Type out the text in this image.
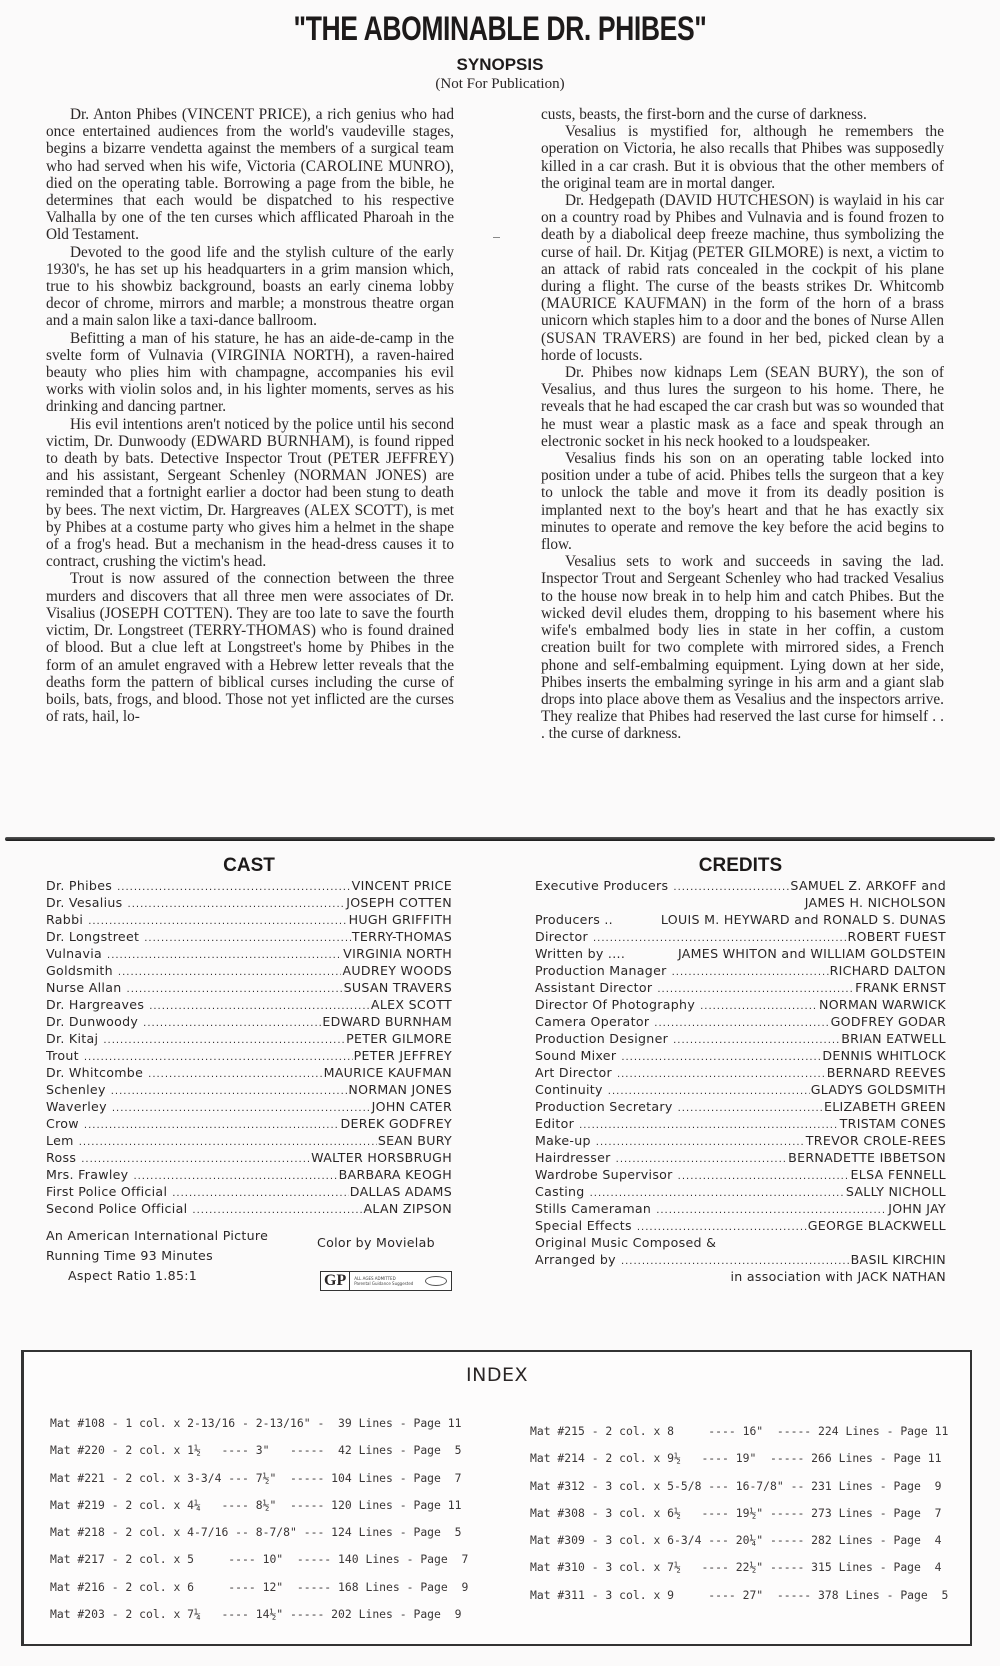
"THE ABOMINABLE DR. PHIBES"
SYNOPSIS
(Not For Publication)

Dr. Anton Phibes (VINCENT PRICE), a rich genius who had once entertained audiences from the world's vaudeville stages, begins a bizarre vendetta against the members of a surgical team who had served when his wife, Victoria (CAROLINE MUNRO), died on the operating table. Borrowing a page from the bible, he determines that each would be dispatched to his respective Valhalla by one of the ten curses which afflicated Pharoah in the Old Testament.

Devoted to the good life and the stylish culture of the early 1930's, he has set up his headquarters in a grim mansion which, true to his showbiz background, boasts an early cinema lobby decor of chrome, mirrors and marble; a monstrous theatre organ and a main salon like a taxi-dance ballroom.

Befitting a man of his stature, he has an aide-de-camp in the svelte form of Vulnavia (VIRGINIA NORTH), a raven-haired beauty who plies him with champagne, accompanies his evil works with violin solos and, in his lighter moments, serves as his drinking and dancing partner.

His evil intentions aren't noticed by the police until his second victim, Dr. Dunwoody (EDWARD BURNHAM), is found ripped to death by bats. Detective Inspector Trout (PETER JEFFREY) and his assistant, Sergeant Schenley (NORMAN JONES) are reminded that a fortnight earlier a doctor had been stung to death by bees. The next victim, Dr. Hargreaves (ALEX SCOTT), is met by Phibes at a costume party who gives him a helmet in the shape of a frog's head. But a mechanism in the head-dress causes it to contract, crushing the victim's head.

Trout is now assured of the connection between the three murders and discovers that all three men were associates of Dr. Visalius (JOSEPH COTTEN). They are too late to save the fourth victim, Dr. Longstreet (TERRY-THOMAS) who is found drained of blood. But a clue left at Longstreet's home by Phibes in the form of an amulet engraved with a Hebrew letter reveals that the deaths form the pattern of biblical curses including the curse of boils, bats, frogs, and blood. Those not yet inflicted are the curses of rats, hail, lo-

custs, beasts, the first-born and the curse of darkness.

Vesalius is mystified for, although he remembers the operation on Victoria, he also recalls that Phibes was supposedly killed in a car crash. But it is obvious that the other members of the original team are in mortal danger.

Dr. Hedgepath (DAVID HUTCHESON) is waylaid in his car on a country road by Phibes and Vulnavia and is found frozen to death by a diabolical deep freeze machine, thus symbolizing the curse of hail. Dr. Kitjag (PETER GILMORE) is next, a victim to an attack of rabid rats concealed in the cockpit of his plane during a flight. The curse of the beasts strikes Dr. Whitcomb (MAURICE KAUFMAN) in the form of the horn of a brass unicorn which staples him to a door and the bones of Nurse Allen (SUSAN TRAVERS) are found in her bed, picked clean by a horde of locusts.

Dr. Phibes now kidnaps Lem (SEAN BURY), the son of Vesalius, and thus lures the surgeon to his home. There, he reveals that he had escaped the car crash but was so wounded that he must wear a plastic mask as a face and speak through an electronic socket in his neck hooked to a loudspeaker.

Vesalius finds his son on an operating table locked into position under a tube of acid. Phibes tells the surgeon that a key to unlock the table and move it from its deadly position is implanted next to the boy's heart and that he has exactly six minutes to operate and remove the key before the acid begins to flow.

Vesalius sets to work and succeeds in saving the lad. Inspector Trout and Sergeant Schenley who had tracked Vesalius to the house now break in to help him and catch Phibes. But the wicked devil eludes them, dropping to his basement where his wife's embalmed body lies in state in her coffin, a custom creation built for two complete with mirrored sides, a French phone and self-embalming equipment. Lying down at her side, Phibes inserts the embalming syringe in his arm and a giant slab drops into place above them as Vesalius and the inspectors arrive. They realize that Phibes had reserved the last curse for himself . . . the curse of darkness.

CAST
Dr. Phibes .....	VINCENT PRICE
Dr. Vesalius .....	JOSEPH COTTEN
Rabbi .....	HUGH GRIFFITH
Dr. Longstreet .....	TERRY-THOMAS
Vulnavia .....	VIRGINIA NORTH
Goldsmith .....	AUDREY WOODS
Nurse Allan .....	SUSAN TRAVERS
Dr. Hargreaves .....	ALEX SCOTT
Dr. Dunwoody .....	EDWARD BURNHAM
Dr. Kitaj .....	PETER GILMORE
Trout .....	PETER JEFFREY
Dr. Whitcombe .....	MAURICE KAUFMAN
Schenley .....	NORMAN JONES
Waverley .....	JOHN CATER
Crow .....	DEREK GODFREY
Lem .....	SEAN BURY
Ross .....	WALTER HORSBRUGH
Mrs. Frawley .....	BARBARA KEOGH
First Police Official .....	DALLAS ADAMS
Second Police Official .....	ALAN ZIPSON
CREDITS
Executive Producers .....	SAMUEL Z. ARKOFF and
JAMES H. NICHOLSON
Producers ..	LOUIS M. HEYWARD and RONALD S. DUNAS
Director .....	ROBERT FUEST
Written by ....	JAMES WHITON and WILLIAM GOLDSTEIN
Production Manager .....	RICHARD DALTON
Assistant Director .....	FRANK ERNST
Director Of Photography .....	NORMAN WARWICK
Camera Operator .....	GODFREY GODAR
Production Designer .....	BRIAN EATWELL
Sound Mixer .....	DENNIS WHITLOCK
Art Director .....	BERNARD REEVES
Continuity .....	GLADYS GOLDSMITH
Production Secretary .....	ELIZABETH GREEN
Editor .....	TRISTAM CONES
Make-up .....	TREVOR CROLE-REES
Hairdresser .....	BERNADETTE IBBETSON
Wardrobe Supervisor .....	ELSA FENNELL
Casting .....	SALLY NICHOLL
Stills Cameraman .....	JOHN JAY
Special Effects .....	GEORGE BLACKWELL
Original Music Composed &
Arranged by .....	BASIL KIRCHIN
in association with JACK NATHAN
An American International Picture
Running Time 93 Minutes
Aspect Ratio 1.85:1
Color by Movielab
GP	ALL AGES ADMITTED
Parental Guidance Suggested
INDEX
Mat #108 - 1 col. x 2-13/16 - 2-13/16" -  39 Lines - Page 11
Mat #220 - 2 col. x 1½   ---- 3"   -----  42 Lines - Page  5
Mat #221 - 2 col. x 3-3/4 --- 7½"  ----- 104 Lines - Page  7
Mat #219 - 2 col. x 4¼   ---- 8½"  ----- 120 Lines - Page 11
Mat #218 - 2 col. x 4-7/16 -- 8-7/8" --- 124 Lines - Page  5
Mat #217 - 2 col. x 5     ---- 10"  ----- 140 Lines - Page  7
Mat #216 - 2 col. x 6     ---- 12"  ----- 168 Lines - Page  9
Mat #203 - 2 col. x 7¼   ---- 14½" ----- 202 Lines - Page  9
Mat #215 - 2 col. x 8     ---- 16"  ----- 224 Lines - Page 11
Mat #214 - 2 col. x 9½   ---- 19"  ----- 266 Lines - Page 11
Mat #312 - 3 col. x 5-5/8 --- 16-7/8" -- 231 Lines - Page  9
Mat #308 - 3 col. x 6½   ---- 19½" ----- 273 Lines - Page  7
Mat #309 - 3 col. x 6-3/4 --- 20¼" ----- 282 Lines - Page  4
Mat #310 - 3 col. x 7½   ---- 22½" ----- 315 Lines - Page  4
Mat #311 - 3 col. x 9     ---- 27"  ----- 378 Lines - Page  5
